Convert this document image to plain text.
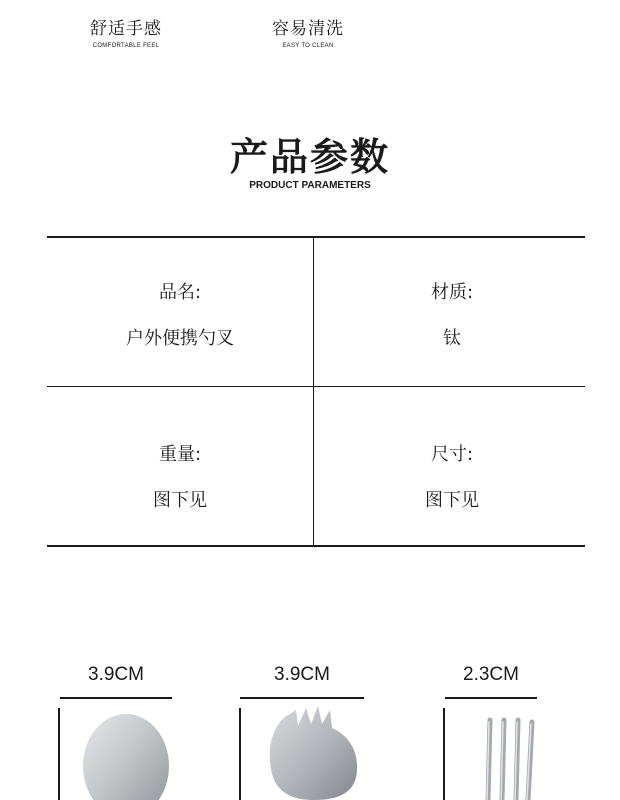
舒适手感
COMFORTABLE FEEL
容易清洗
EASY TO CLEAN
产品参数
PRODUCT PARAMETERS
品名:
户外便携勺叉
材质:
钛
重量:
图下见
尺寸:
图下见
3.9CM	3.9CM	2.3CM
